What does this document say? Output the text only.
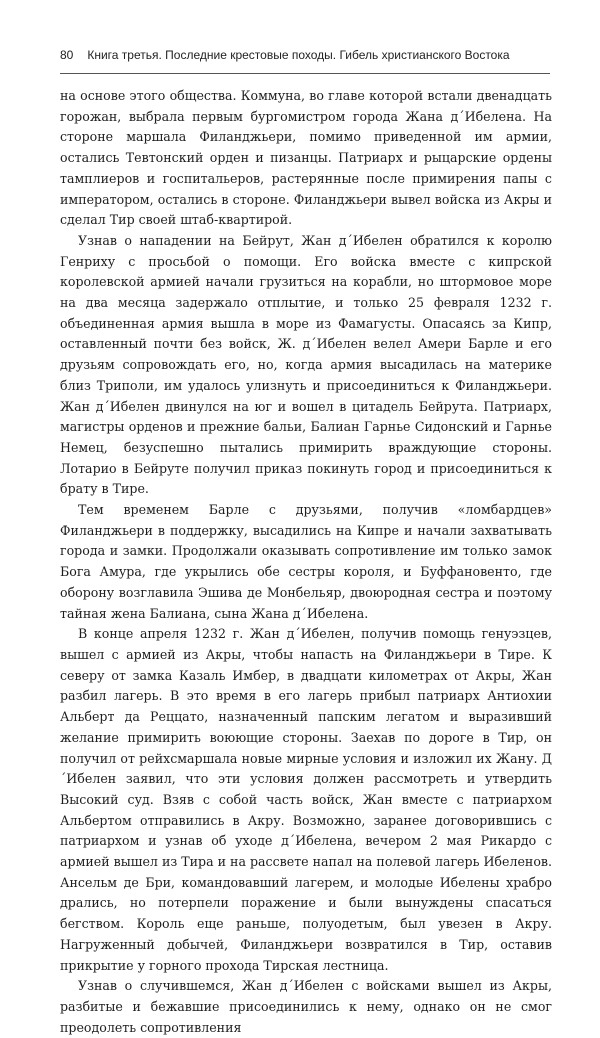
80 Книга третья. Последние крестовые походы. Гибель христианского Востока

на основе этого общества. Коммуна, во главе которой встали двенадцать горожан, выбрала первым бургомистром города Жана д´Ибелена. На стороне маршала Филанджьери, помимо приведенной им армии, остались Тевтонский орден и пизанцы. Патриарх и рыцарские ордены тамплиеров и госпитальеров, растерянные после примирения папы с императором, остались в стороне. Филанджьери вывел войска из Акры и сделал Тир своей штаб-квартирой.

Узнав о нападении на Бейрут, Жан д´Ибелен обратился к королю Генриху с просьбой о помощи. Его войска вместе с кипрской королевской армией начали грузиться на корабли, но штормовое море на два месяца задержало отплытие, и только 25 февраля 1232 г. объединенная армия вышла в море из Фамагусты. Опасаясь за Кипр, оставленный почти без войск, Ж. д´Ибелен велел Амери Барле и его друзьям сопровождать его, но, когда армия высадилась на материке близ Триполи, им удалось улизнуть и присоединиться к Филанджьери. Жан д´Ибелен двинулся на юг и вошел в цитадель Бейрута. Патриарх, магистры орденов и прежние бальи, Балиан Гарнье Сидонский и Гарнье Немец, безуспешно пытались примирить враждующие стороны. Лотарио в Бейруте получил приказ покинуть город и присоединиться к брату в Тире.

Тем временем Барле с друзьями, получив «ломбардцев» Филанджьери в поддержку, высадились на Кипре и начали захватывать города и замки. Продолжали оказывать сопротивление им только замок Бога Амура, где укрылись обе сестры короля, и Буффановенто, где оборону возглавила Эшива де Монбельяр, двоюродная сестра и поэтому тайная жена Балиана, сына Жана д´Ибелена.

В конце апреля 1232 г. Жан д´Ибелен, получив помощь генуэзцев, вышел с армией из Акры, чтобы напасть на Филанджьери в Тире. К северу от замка Казаль Имбер, в двадцати километрах от Акры, Жан разбил лагерь. В это время в его лагерь прибыл патриарх Антиохии Альберт да Реццато, назначенный папским легатом и выразивший желание примирить воюющие стороны. Заехав по дороге в Тир, он получил от рейхсмаршала новые мирные условия и изложил их Жану. Д´Ибелен заявил, что эти условия должен рассмотреть и утвердить Высокий суд. Взяв с собой часть войск, Жан вместе с патриархом Альбертом отправились в Акру. Возможно, заранее договорившись с патриархом и узнав об уходе д´Ибелена, вечером 2 мая Рикардо с армией вышел из Тира и на рассвете напал на полевой лагерь Ибеленов. Ансельм де Бри, командовавший лагерем, и молодые Ибелены храбро дрались, но потерпели поражение и были вынуждены спасаться бегством. Король еще раньше, полуодетым, был увезен в Акру. Нагруженный добычей, Филанджьери возвратился в Тир, оставив прикрытие у горного прохода Тирская лестница.

Узнав о случившемся, Жан д´Ибелен с войсками вышел из Акры, разбитые и бежавшие присоединились к нему, однако он не смог преодолеть сопротивления
